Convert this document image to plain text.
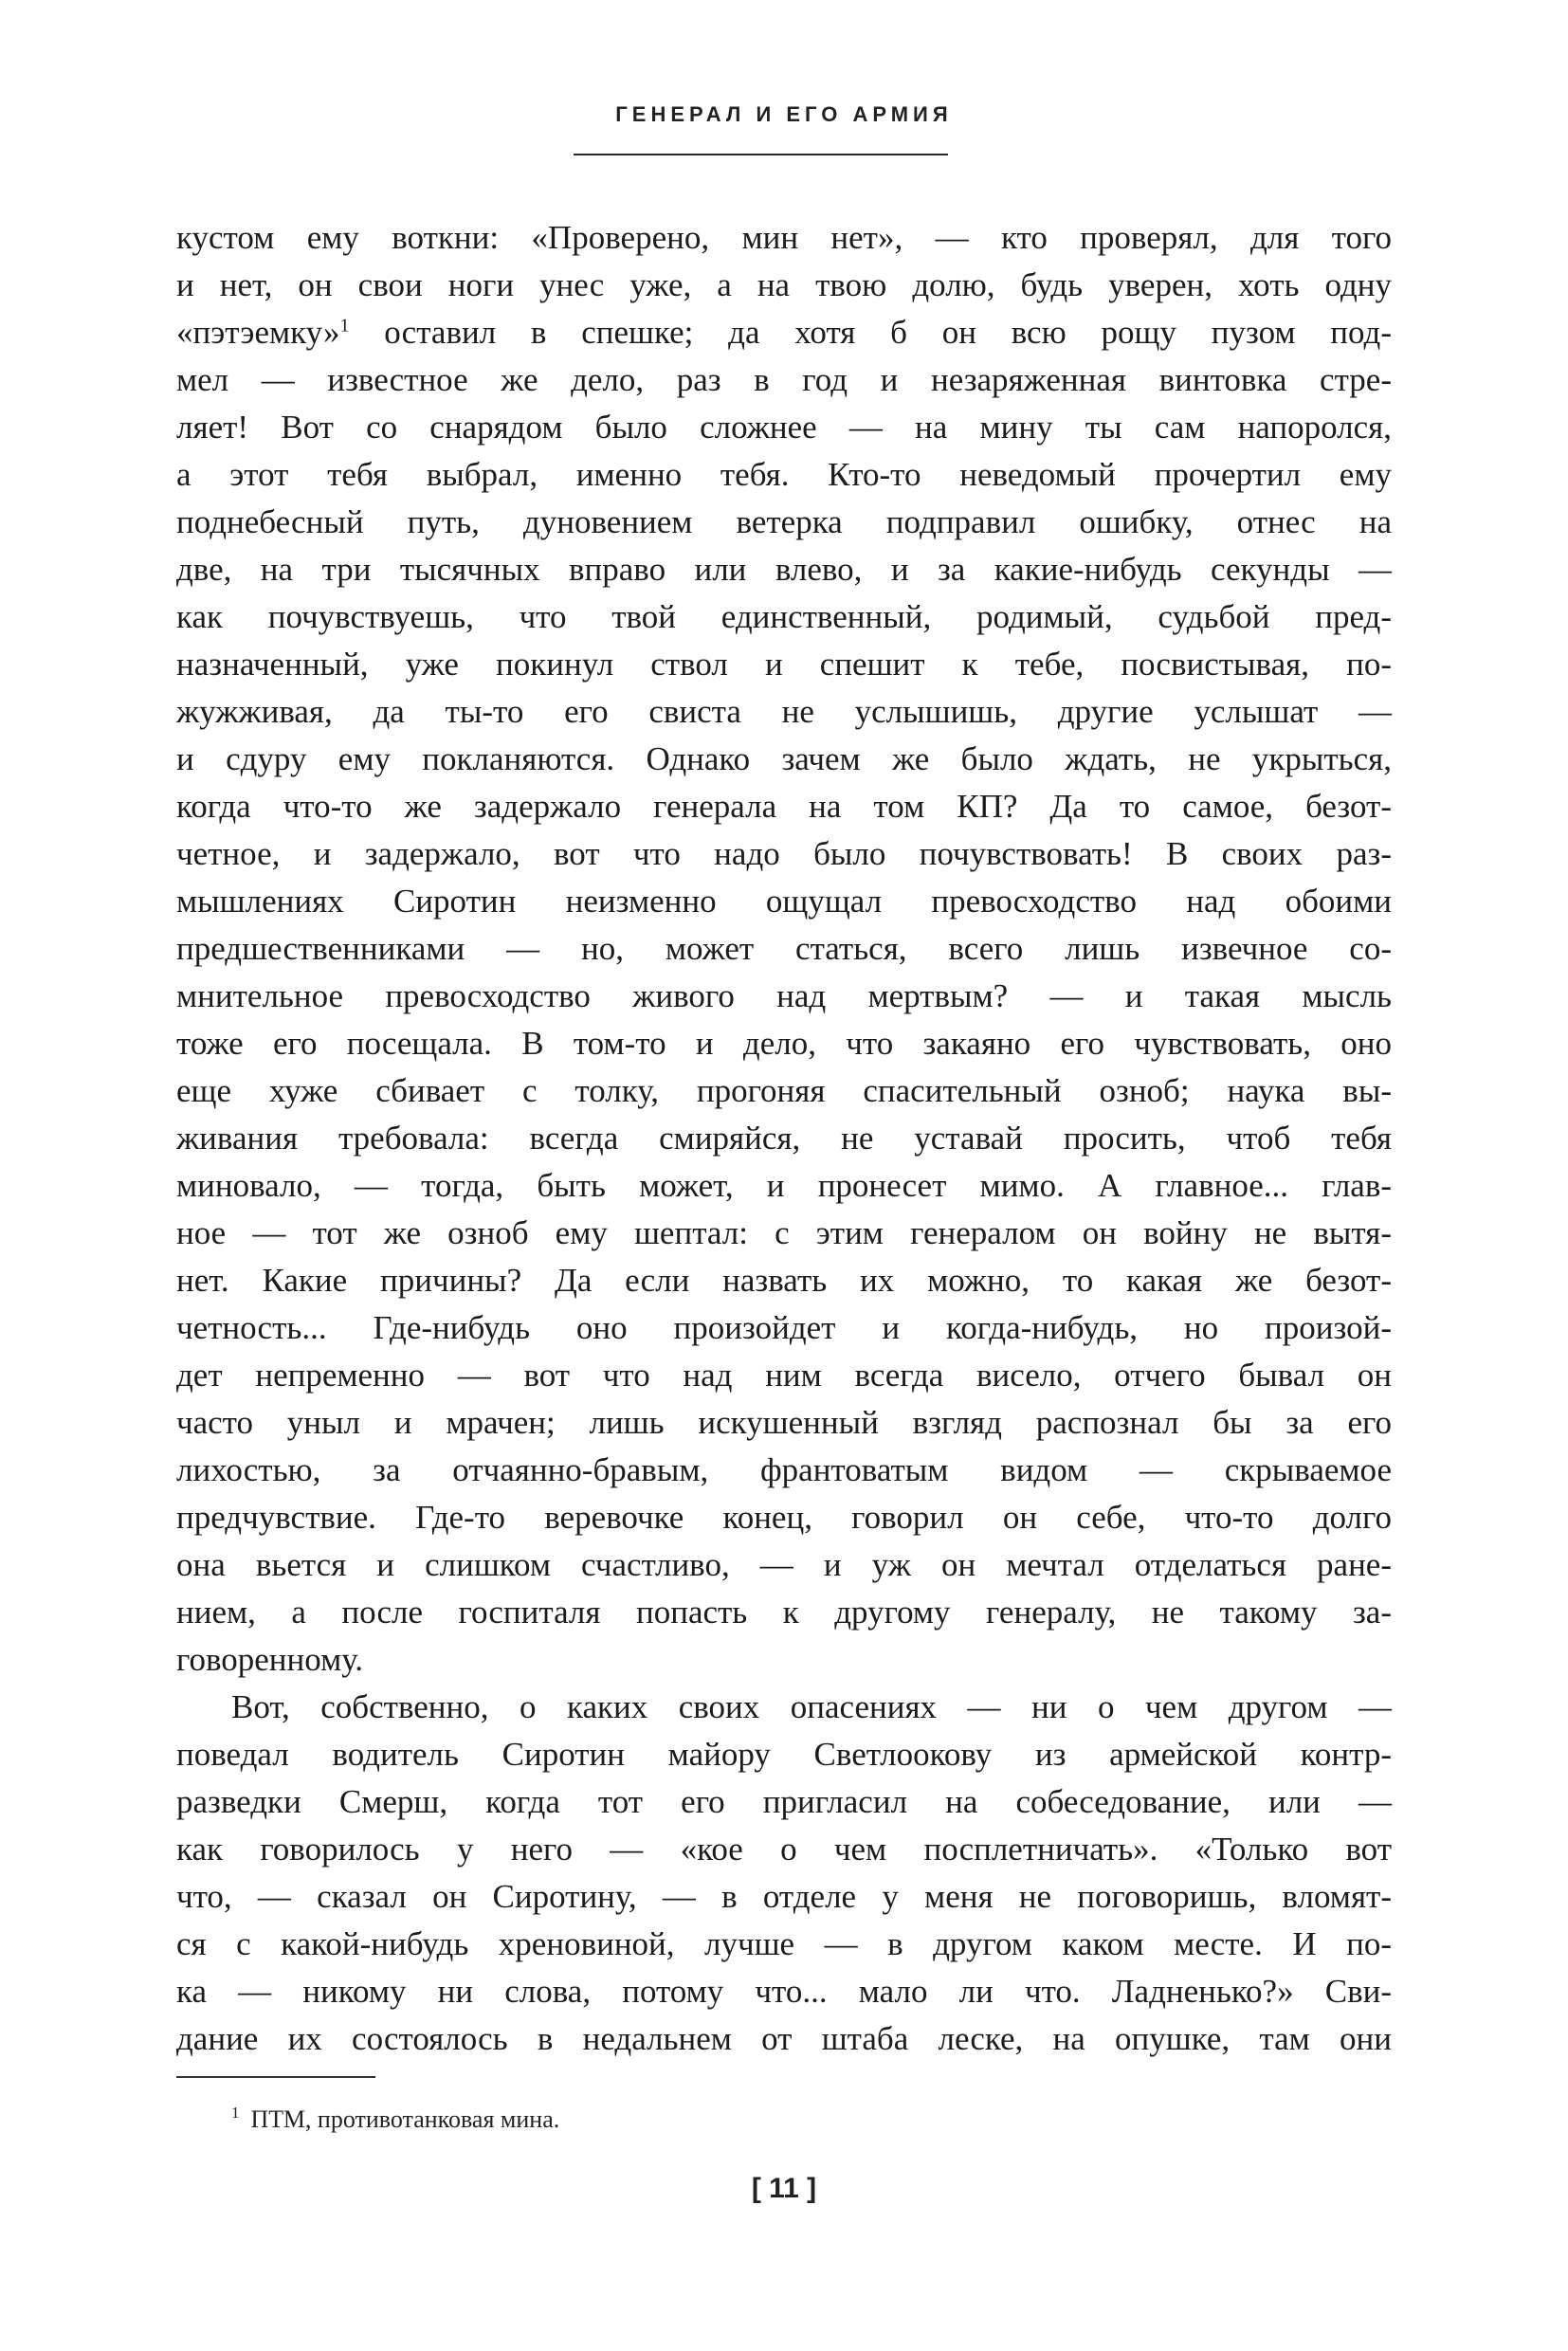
ГЕНЕРАЛ И ЕГО АРМИЯ
кустом ему воткни: «Проверено, мин нет», — кто проверял, для того
и нет, он свои ноги унес уже, а на твою долю, будь уверен, хоть одну
«пэтэемку»$^1$ оставил в спешке; да хотя б он всю рощу пузом под-
мел — известное же дело, раз в год и незаряженная винтовка стре-
ляет! Вот со снарядом было сложнее — на мину ты сам напоролся,
а этот тебя выбрал, именно тебя. Кто-то неведомый прочертил ему
поднебесный путь, дуновением ветерка подправил ошибку, отнес на
две, на три тысячных вправо или влево, и за какие-нибудь секунды —
как почувствуешь, что твой единственный, родимый, судьбой пред-
назначенный, уже покинул ствол и спешит к тебе, посвистывая, по-
жужживая, да ты-то его свиста не услышишь, другие услышат —
и сдуру ему покланяются. Однако зачем же было ждать, не укрыться,
когда что-то же задержало генерала на том КП? Да то самое, безот-
четное, и задержало, вот что надо было почувствовать! В своих раз-
мышлениях Сиротин неизменно ощущал превосходство над обоими
предшественниками — но, может статься, всего лишь извечное со-
мнительное превосходство живого над мертвым? — и такая мысль
тоже его посещала. В том-то и дело, что закаяно его чувствовать, оно
еще хуже сбивает с толку, прогоняя спасительный озноб; наука вы-
живания требовала: всегда смиряйся, не уставай просить, чтоб тебя
миновало, — тогда, быть может, и пронесет мимо. А главное... глав-
ное — тот же озноб ему шептал: с этим генералом он войну не вытя-
нет. Какие причины? Да если назвать их можно, то какая же безот-
четность... Где-нибудь оно произойдет и когда-нибудь, но произой-
дет непременно — вот что над ним всегда висело, отчего бывал он
часто уныл и мрачен; лишь искушенный взгляд распознал бы за его
лихостью, за отчаянно-бравым, франтоватым видом — скрываемое
предчувствие. Где-то веревочке конец, говорил он себе, что-то долго
она вьется и слишком счастливо, — и уж он мечтал отделаться ране-
нием, а после госпиталя попасть к другому генералу, не такому за-
говоренному.
Вот, собственно, о каких своих опасениях — ни о чем другом —
поведал водитель Сиротин майору Светлоокову из армейской контр-
разведки Смерш, когда тот его пригласил на собеседование, или —
как говорилось у него — «кое о чем посплетничать». «Только вот
что, — сказал он Сиротину, — в отделе у меня не поговоришь, вломят-
ся с какой-нибудь хреновиной, лучше — в другом каком месте. И по-
ка — никому ни слова, потому что... мало ли что. Ладненько?» Сви-
дание их состоялось в недальнем от штаба леске, на опушке, там они
$^1$ ПТМ, противотанковая мина.
[ 11 ]
